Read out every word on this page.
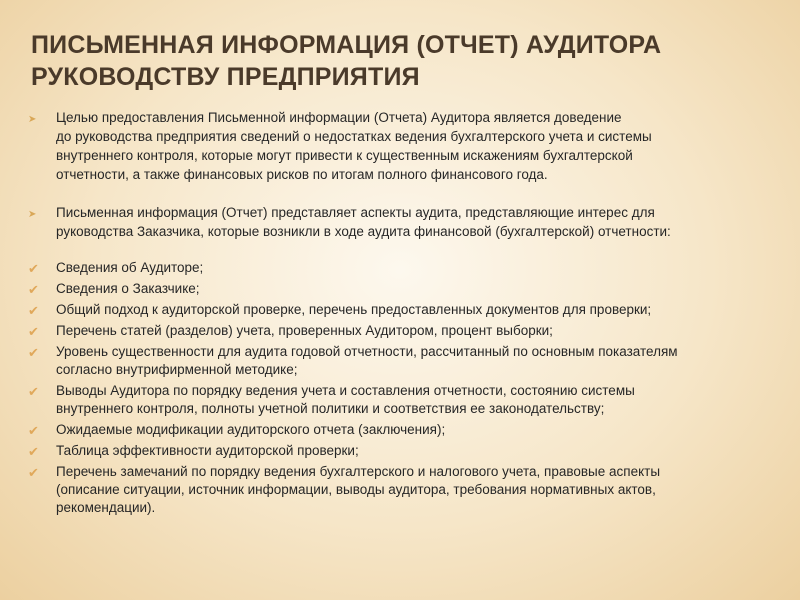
ПИСЬМЕННАЯ ИНФОРМАЦИЯ (ОТЧЕТ) АУДИТОРА
РУКОВОДСТВУ ПРЕДПРИЯТИЯ
➤	Целью предоставления Письменной информации (Отчета) Аудитора является доведение
до руководства предприятия сведений о недостатках ведения бухгалтерского учета и системы
внутреннего контроля, которые могут привести к существенным искажениям бухгалтерской
отчетности, а также финансовых рисков по итогам полного финансового года.
➤	Письменная информация (Отчет) представляет аспекты аудита, представляющие интерес для
руководства Заказчика, которые возникли в ходе аудита финансовой (бухгалтерской) отчетности:
✔	Сведения об Аудиторе;
✔	Сведения о Заказчике;
✔	Общий подход к аудиторской проверке, перечень предоставленных документов для проверки;
✔	Перечень статей (разделов) учета, проверенных Аудитором, процент выборки;
✔	Уровень существенности для аудита годовой отчетности, рассчитанный по основным показателям
согласно внутрифирменной методике;
✔	Выводы Аудитора по порядку ведения учета и составления отчетности, состоянию системы
внутреннего контроля, полноты учетной политики и соответствия ее законодательству;
✔	Ожидаемые модификации аудиторского отчета (заключения);
✔	Таблица эффективности аудиторской проверки;
✔	Перечень замечаний по порядку ведения бухгалтерского и налогового учета, правовые аспекты
(описание ситуации, источник информации, выводы аудитора, требования нормативных актов,
рекомендации).
